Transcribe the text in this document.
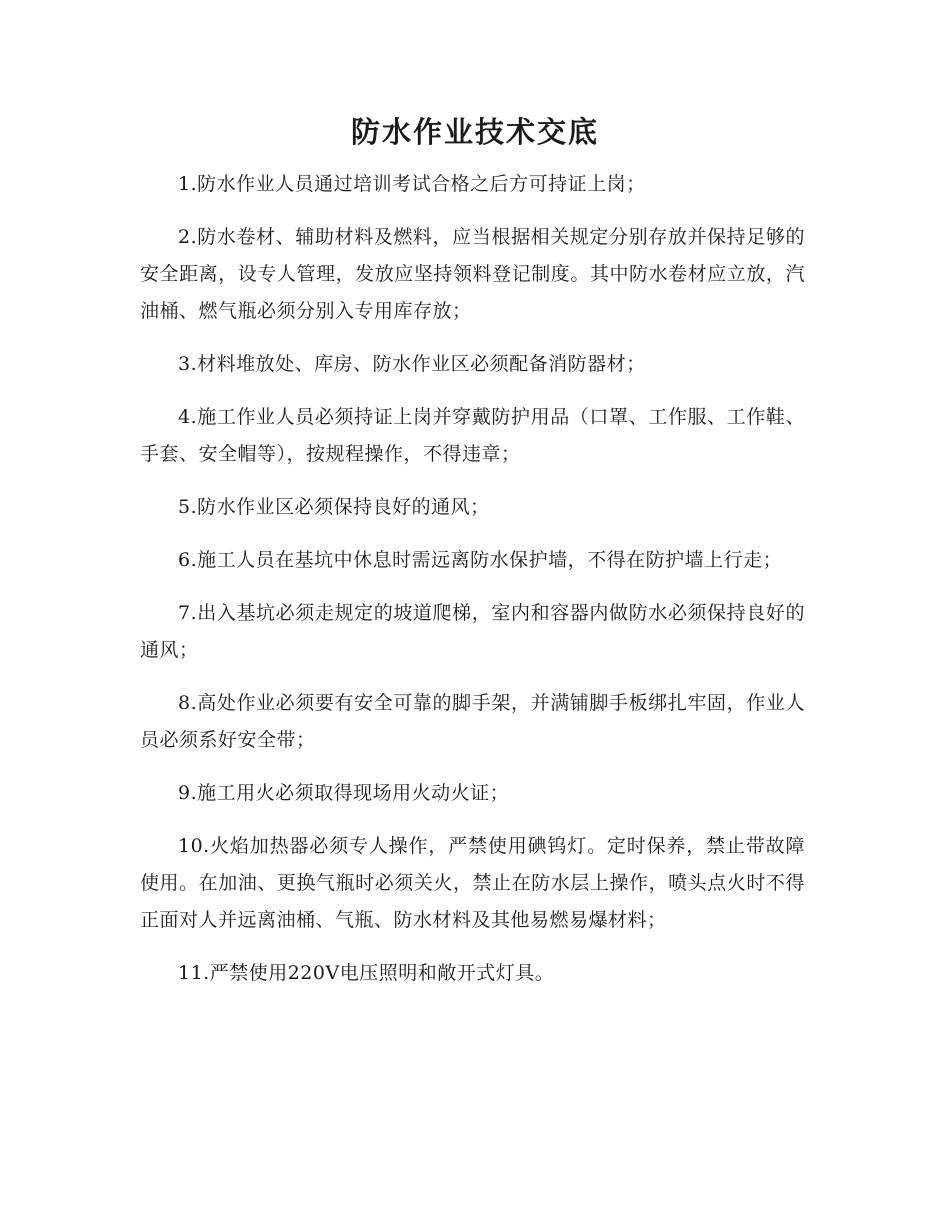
防水作业技术交底

1.防水作业人员通过培训考试合格之后方可持证上岗；

2.防水卷材、辅助材料及燃料，应当根据相关规定分别存放并保持足够的安全距离，设专人管理，发放应坚持领料登记制度。其中防水卷材应立放，汽油桶、燃气瓶必须分别入专用库存放；

3.材料堆放处、库房、防水作业区必须配备消防器材；

4.施工作业人员必须持证上岗并穿戴防护用品（口罩、工作服、工作鞋、手套、安全帽等），按规程操作，不得违章；

5.防水作业区必须保持良好的通风；

6.施工人员在基坑中休息时需远离防水保护墙，不得在防护墙上行走；

7.出入基坑必须走规定的坡道爬梯，室内和容器内做防水必须保持良好的通风；

8.高处作业必须要有安全可靠的脚手架，并满铺脚手板绑扎牢固，作业人员必须系好安全带；

9.施工用火必须取得现场用火动火证；

10.火焰加热器必须专人操作，严禁使用碘钨灯。定时保养，禁止带故障使用。在加油、更换气瓶时必须关火，禁止在防水层上操作，喷头点火时不得正面对人并远离油桶、气瓶、防水材料及其他易燃易爆材料；

11.严禁使用220V电压照明和敞开式灯具。
